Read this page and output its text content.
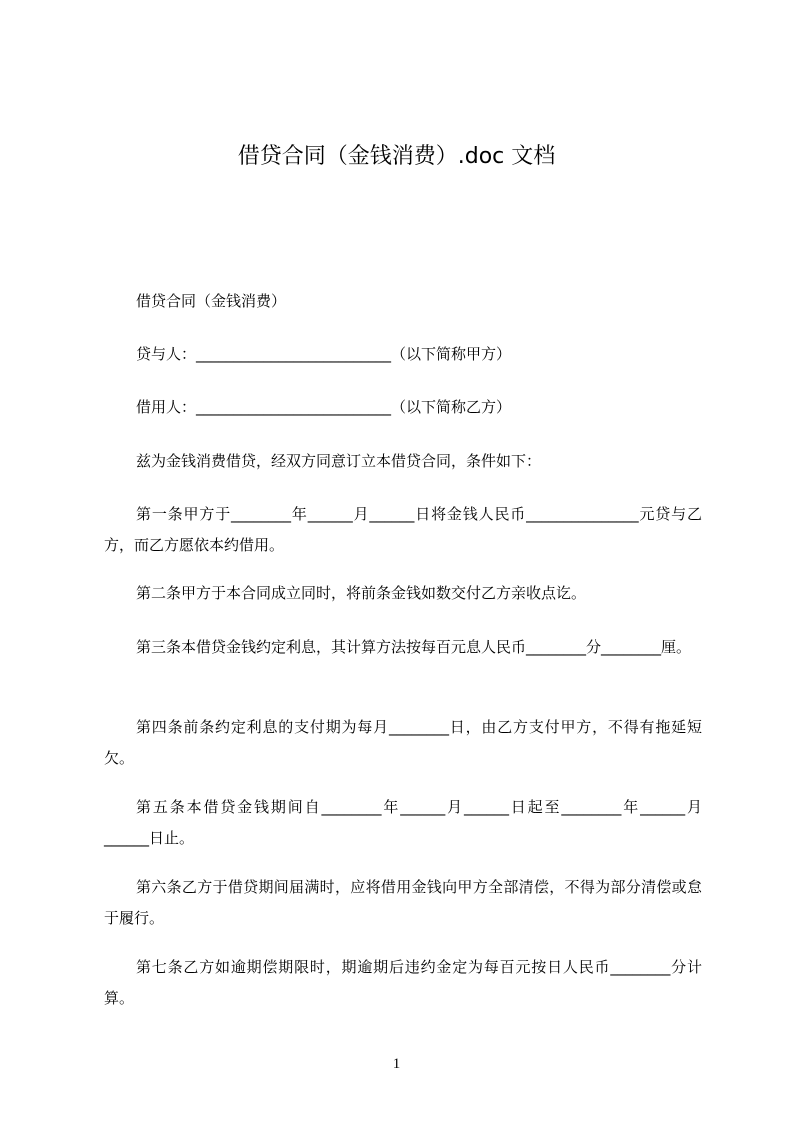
借贷合同（金钱消费）.doc 文档

借贷合同（金钱消费）

贷与人：__________________________（以下简称甲方）

借用人：__________________________（以下简称乙方）

兹为金钱消费借贷，经双方同意订立本借贷合同，条件如下：

第一条甲方于________年______月______日将金钱人民币_______________元贷与乙方，而乙方愿依本约借用。

第二条甲方于本合同成立同时，将前条金钱如数交付乙方亲收点讫。

第三条本借贷金钱约定利息，其计算方法按每百元息人民币________分________厘。

第四条前条约定利息的支付期为每月________日，由乙方支付甲方，不得有拖延短欠。

第五条本借贷金钱期间自________年______月______日起至________年______月______日止。

第六条乙方于借贷期间届满时，应将借用金钱向甲方全部清偿，不得为部分清偿或怠于履行。

第七条乙方如逾期偿期限时，期逾期后违约金定为每百元按日人民币________分计算。

1
